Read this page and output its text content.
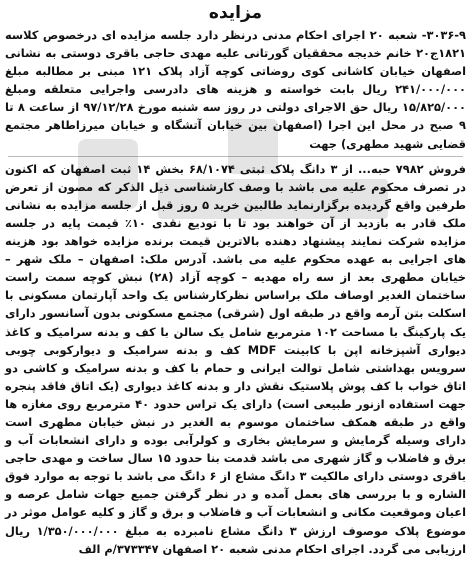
مزایده

۳۰۳۶-۹- شعبه ۲۰ اجرای احکام مدنی درنظر دارد جلسه مزایده ای درخصوص کلاسه ۱۸۲۱ج۲۰ خانم خدیجه محققیان گورتانی علیه مهدی حاجی باقری دوستی به نشانی اصفهان خیابان کاشانی کوی روضاتی کوچه آزاد پلاک ۱۲۱ مبنی بر مطالبه مبلغ ۲۴۱/۰۰۰/۰۰۰ ریال بابت خواسته و هزینه های دادرسی واجرایی متعلقه ومبلغ ۱۵/۸۲۵/۰۰۰ ریال حق الاجرای دولتی در روز سه شنبه مورخ ۹۷/۱۲/۲۸ از ساعت ۸ تا ۹ صبح در محل این اجرا (اصفهان بین خیابان آتشگاه و خیابان میرزاطاهر مجتمع قضایی شهید مطهری) جهت

فروش ۷۹۸۲ حبه... از ۳ دانگ پلاک ثبتی ۶۸/۱۰۷۴ بخش ۱۴ ثبت اصفهان که اکنون در تصرف محکوم علیه می باشد با وصف کارشناسی ذیل الذکر که مصون از تعرض طرفین واقع گردیده برگزارنماید طالبین خرید ۵ روز قبل از جلسه مزایده به نشانی ملک قادر به بازدید از آن خواهند بود تا با تودیع نقدی ۱۰٪ قیمت پایه در جلسه مزایده شرکت نمایند پیشنهاد دهنده بالاترین قیمت برنده مزایده خواهد بود هزینه های اجرایی به عهده محکوم علیه می باشد. آدرس ملک: اصفهان – ملک شهر – خیابان مطهری بعد از سه راه مهدیه – کوچه آزاد (۲۸) نبش کوچه سمت راست ساختمان الغدیر اوصاف ملک براساس نظرکارشناس یک واحد آپارتمان مسکونی با اسکلت بتن آرمه واقع در طبقه اول (شرقی) مجتمع مسکونی بدون آسانسور دارای یک پارکینگ با مساحت ۱۰۲ مترمربع شامل یک سالن با کف و بدنه سرامیک و کاغذ دیواری آشپزخانه اپن با کابینت MDF کف و بدنه سرامیک و دیوارکوبی چوبی سرویس بهداشتی شامل توالت ایرانی و حمام با کف و بدنه سرامیک و کاشی دو اتاق خواب با کف پوش پلاستیک نقش دار و بدنه کاغذ دیواری (یک اتاق فاقد پنجره جهت استفاده ازنور طبیعی است) دارای یک تراس حدود ۴۰ مترمربع روی مغازه ها واقع در طبقه همکف ساختمان موسوم به الغدیر در نبش خیابان مطهری است دارای وسیله گرمایش و سرمایش بخاری و کولرآبی بوده و دارای انشعابات آب و برق و فاضلاب و گاز شهری می باشد قدمت بنا حدود ۱۵ سال ساخت و مهدی حاجی باقری دوستی دارای مالکیت ۳ دانگ مشاع از ۶ دانگ می باشد با توجه به موارد فوق الشاره و با بررسی های بعمل آمده و در نظر گرفتن جمیع جهات شامل عرصه و اعیان وموقعیت مکانی و انشعابات آب و فاضلاب و برق و گاز و کلیه عوامل موثر در موضوع پلاک موصوف ارزش ۳ دانگ مشاع نامبرده به مبلغ ۱/۳۵۰/۰۰۰/۰۰۰ ریال ارزیابی می گردد. اجرای احکام مدنی شعبه ۲۰ اصفهان ۳۷۳۳۴۷/م الف
